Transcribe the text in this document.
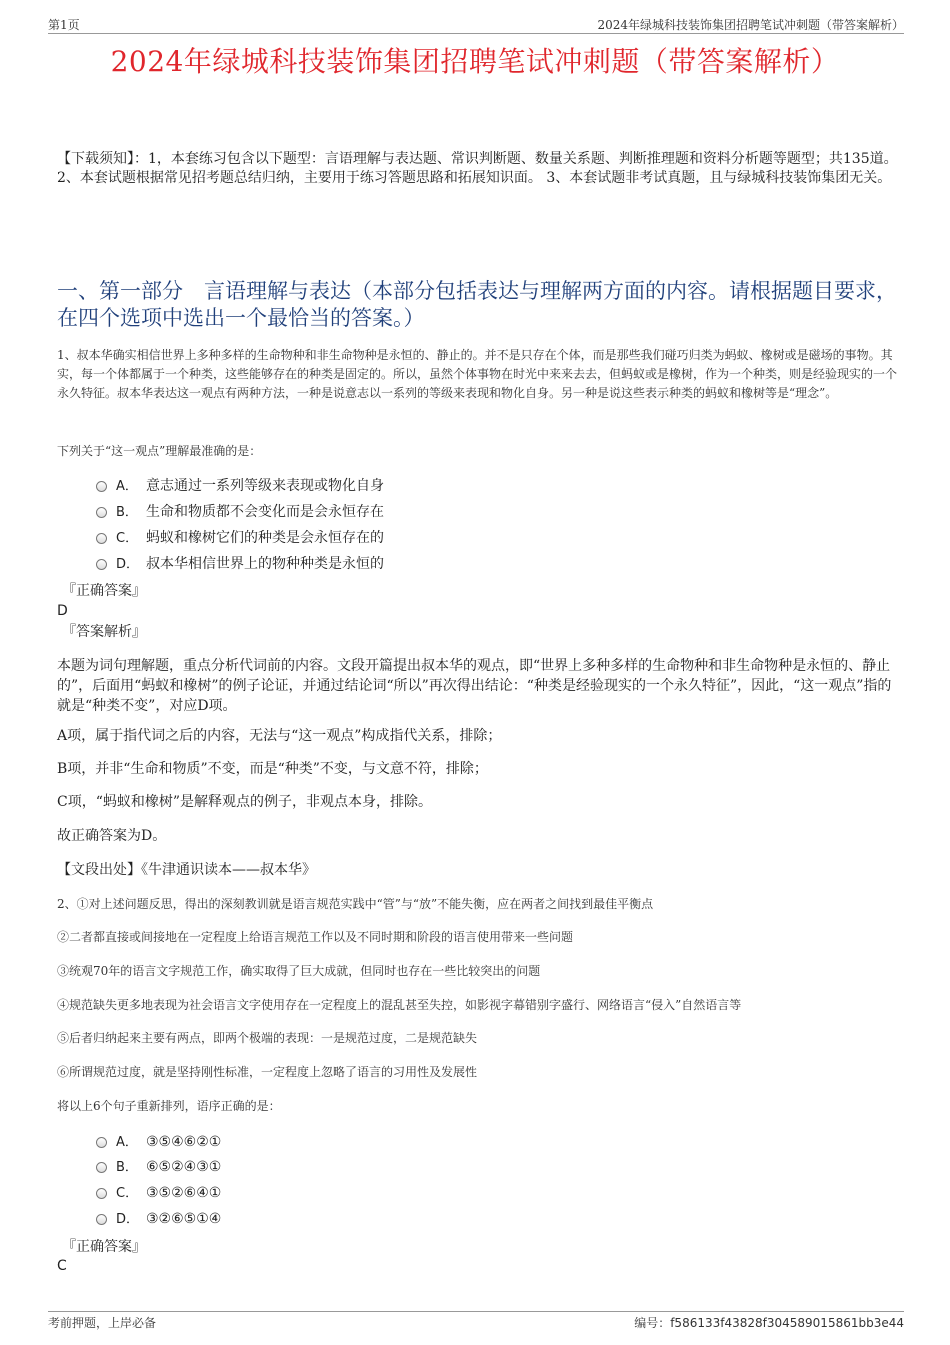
第1页	2024年绿城科技装饰集团招聘笔试冲刺题（带答案解析）
2024年绿城科技装饰集团招聘笔试冲刺题（带答案解析）
【下载须知】：1，本套练习包含以下题型：言语理解与表达题、常识判断题、数量关系题、判断推理题和资料分析题等题型；共135道。 2、本套试题根据常见招考题总结归纳，主要用于练习答题思路和拓展知识面。 3、本套试题非考试真题，且与绿城科技装饰集团无关。
一、第一部分　言语理解与表达（本部分包括表达与理解两方面的内容。请根据题目要求，在四个选项中选出一个最恰当的答案。）
1、叔本华确实相信世界上多种多样的生命物种和非生命物种是永恒的、静止的。并不是只存在个体，而是那些我们碰巧归类为蚂蚁、橡树或是磁场的事物。其实，每一个体都属于一个种类，这些能够存在的种类是固定的。所以，虽然个体事物在时光中来来去去，但蚂蚁或是橡树，作为一个种类，则是经验现实的一个永久特征。叔本华表达这一观点有两种方法，一种是说意志以一系列的等级来表现和物化自身。另一种是说这些表示种类的蚂蚁和橡树等是“理念”。
下列关于“这一观点”理解最准确的是：
A． 意志通过一系列等级来表现或物化自身
B． 生命和物质都不会变化而是会永恒存在
C． 蚂蚁和橡树它们的种类是会永恒存在的
D． 叔本华相信世界上的物种种类是永恒的
『正确答案』
D
『答案解析』
本题为词句理解题，重点分析代词前的内容。文段开篇提出叔本华的观点，即“世界上多种多样的生命物种和非生命物种是永恒的、静止的”，后面用“蚂蚁和橡树”的例子论证，并通过结论词“所以”再次得出结论：“种类是经验现实的一个永久特征”，因此，“这一观点”指的就是“种类不变”，对应D项。
A项，属于指代词之后的内容，无法与“这一观点”构成指代关系，排除；
B项，并非“生命和物质”不变，而是“种类”不变，与文意不符，排除；
C项，“蚂蚁和橡树”是解释观点的例子，非观点本身，排除。
故正确答案为D。
【文段出处】《牛津通识读本——叔本华》
2、①对上述问题反思，得出的深刻教训就是语言规范实践中“管”与“放”不能失衡，应在两者之间找到最佳平衡点
②二者都直接或间接地在一定程度上给语言规范工作以及不同时期和阶段的语言使用带来一些问题
③统观70年的语言文字规范工作，确实取得了巨大成就，但同时也存在一些比较突出的问题
④规范缺失更多地表现为社会语言文字使用存在一定程度上的混乱甚至失控，如影视字幕错别字盛行、网络语言“侵入”自然语言等
⑤后者归纳起来主要有两点，即两个极端的表现：一是规范过度，二是规范缺失
⑥所谓规范过度，就是坚持刚性标准，一定程度上忽略了语言的习用性及发展性
将以上6个句子重新排列，语序正确的是：
A． ③⑤④⑥②①
B． ⑥⑤②④③①
C． ③⑤②⑥④①
D． ③②⑥⑤①④
『正确答案』
C
考前押题，上岸必备	编号：f586133f43828f304589015861bb3e44
